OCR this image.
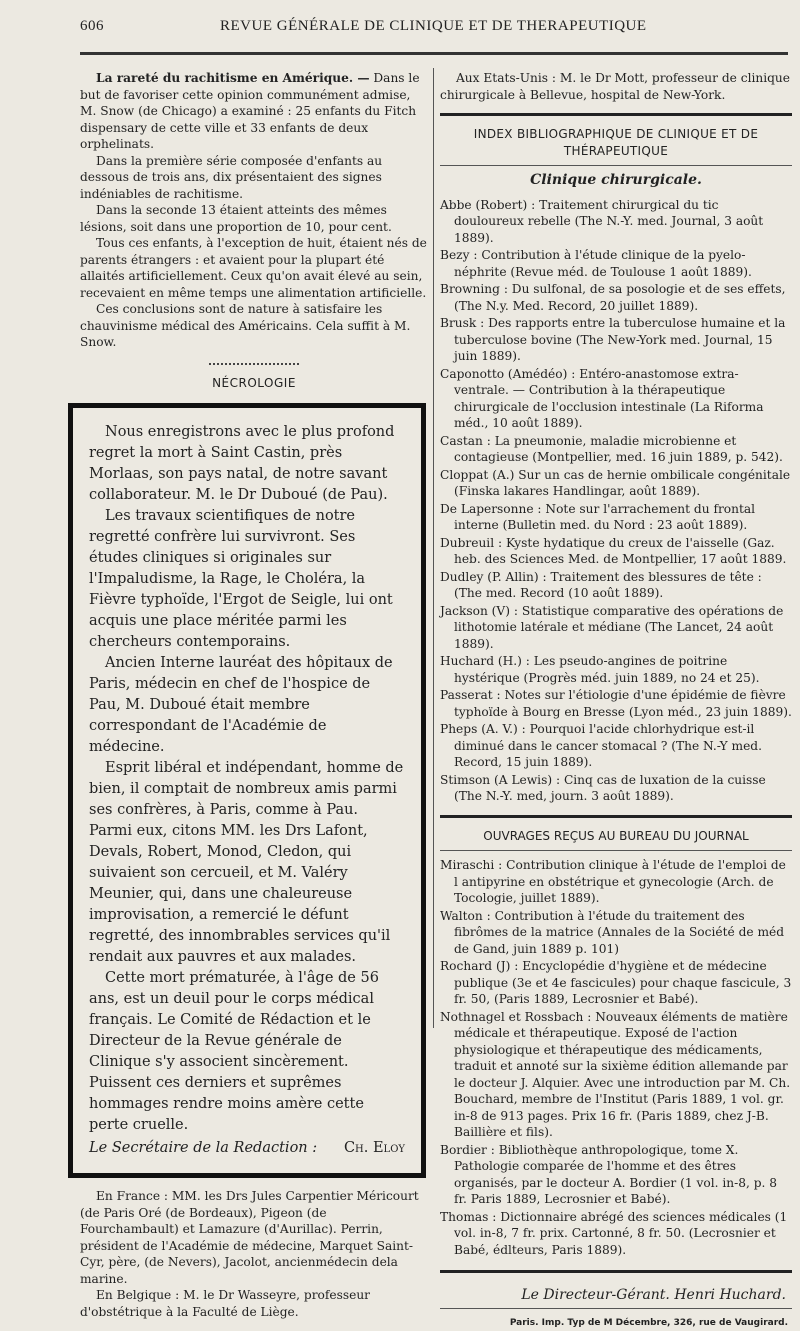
606	REVUE GÉNÉRALE DE CLINIQUE ET DE THERAPEUTIQUE

La rareté du rachitisme en Amérique. — Dans le but de favoriser cette opinion communément admise, M. Snow (de Chicago) a examiné : 25 enfants du Fitch dispensary de cette ville et 33 enfants de deux orphelinats.

Dans la première série composée d'enfants au dessous de trois ans, dix présentaient des signes indéniables de rachitisme.

Dans la seconde 13 étaient atteints des mêmes lésions, soit dans une proportion de 10, pour cent.

Tous ces enfants, à l'exception de huit, étaient nés de parents étrangers : et avaient pour la plupart été allaités artificiellement. Ceux qu'on avait élevé au sein, recevaient en même temps une alimentation artificielle.

Ces conclusions sont de nature à satisfaire les chauvinisme médical des Américains. Cela suffit à M. Snow.

NÉCROLOGIE

Nous enregistrons avec le plus profond regret la mort à Saint Castin, près Morlaas, son pays natal, de notre savant collaborateur. M. le Dr Duboué (de Pau).

Les travaux scientifiques de notre regretté confrère lui survivront. Ses études cliniques si originales sur l'Impaludisme, la Rage, le Choléra, la Fièvre typhoïde, l'Ergot de Seigle, lui ont acquis une place méritée parmi les chercheurs contemporains.

Ancien Interne lauréat des hôpitaux de Paris, médecin en chef de l'hospice de Pau, M. Duboué était membre correspondant de l'Académie de médecine.

Esprit libéral et indépendant, homme de bien, il comptait de nombreux amis parmi ses confrères, à Paris, comme à Pau. Parmi eux, citons MM. les Drs Lafont, Devals, Robert, Monod, Cledon, qui suivaient son cercueil, et M. Valéry Meunier, qui, dans une chaleureuse improvisation, a remercié le défunt regretté, des innombrables services qu'il rendait aux pauvres et aux malades.

Cette mort prématurée, à l'âge de 56 ans, est un deuil pour le corps médical français. Le Comité de Rédaction et le Directeur de la Revue générale de Clinique s'y associent sincèrement. Puissent ces derniers et suprêmes hommages rendre moins amère cette perte cruelle.

Le Secrétaire de la Redaction : Ch. Eloy

En France : MM. les Drs Jules Carpentier Méricourt (de Paris Oré (de Bordeaux), Pigeon (de Fourchambault) et Lamazure (d'Aurillac). Perrin, président de l'Académie de médecine, Marquet Saint-Cyr, père, (de Nevers), Jacolot, ancienmédecin dela marine.

En Belgique : M. le Dr Wasseyre, professeur d'obstétrique à la Faculté de Liège.

Aux Etats-Unis : M. le Dr Mott, professeur de clinique chirurgicale à Bellevue, hospital de New-York.

INDEX BIBLIOGRAPHIQUE DE CLINIQUE ET DE THÉRAPEUTIQUE
Clinique chirurgicale.

Abbe (Robert) : Traitement chirurgical du tic douloureux rebelle (The N.-Y. med. Journal, 3 août 1889).

Bezy : Contribution à l'étude clinique de la pyelo-néphrite (Revue méd. de Toulouse 1 août 1889).

Browning : Du sulfonal, de sa posologie et de ses effets, (The N.y. Med. Record, 20 juillet 1889).

Brusk : Des rapports entre la tuberculose humaine et la tuberculose bovine (The New-York med. Journal, 15 juin 1889).

Caponotto (Amédéo) : Entéro-anastomose extra-ventrale. — Contribution à la thérapeutique chirurgicale de l'occlusion intestinale (La Riforma méd., 10 août 1889).

Castan : La pneumonie, maladie microbienne et contagieuse (Montpellier, med. 16 juin 1889, p. 542).

Cloppat (A.) Sur un cas de hernie ombilicale congénitale (Finska lakares Handlingar, août 1889).

De Lapersonne : Note sur l'arrachement du frontal interne (Bulletin med. du Nord : 23 août 1889).

Dubreuil : Kyste hydatique du creux de l'aisselle (Gaz. heb. des Sciences Med. de Montpellier, 17 août 1889.

Dudley (P. Allin) : Traitement des blessures de tête : (The med. Record (10 août 1889).

Jackson (V) : Statistique comparative des opérations de lithotomie latérale et médiane (The Lancet, 24 août 1889).

Huchard (H.) : Les pseudo-angines de poitrine hystérique (Progrès méd. juin 1889, no 24 et 25).

Passerat : Notes sur l'étiologie d'une épidémie de fièvre typhoïde à Bourg en Bresse (Lyon méd., 23 juin 1889).

Pheps (A. V.) : Pourquoi l'acide chlorhydrique est-il diminué dans le cancer stomacal ? (The N.-Y med. Record, 15 juin 1889).

Stimson (A Lewis) : Cinq cas de luxation de la cuisse (The N.-Y. med, journ. 3 août 1889).

OUVRAGES REÇUS AU BUREAU DU JOURNAL

Miraschi : Contribution clinique à l'étude de l'emploi de l antipyrine en obstétrique et gynecologie (Arch. de Tocologie, juillet 1889).

Walton : Contribution à l'étude du traitement des fibrômes de la matrice (Annales de la Société de méd de Gand, juin 1889 p. 101)

Rochard (J) : Encyclopédie d'hygiène et de médecine publique (3e et 4e fascicules) pour chaque fascicule, 3 fr. 50, (Paris 1889, Lecrosnier et Babé).

Nothnagel et Rossbach : Nouveaux éléments de matière médicale et thérapeutique. Exposé de l'action physiologique et thérapeutique des médicaments, traduit et annoté sur la sixième édition allemande par le docteur J. Alquier. Avec une introduction par M. Ch. Bouchard, membre de l'Institut (Paris 1889, 1 vol. gr. in-8 de 913 pages. Prix 16 fr. (Paris 1889, chez J-B. Baillière et fils).

Bordier : Bibliothèque anthropologique, tome X. Pathologie comparée de l'homme et des êtres organisés, par le docteur A. Bordier (1 vol. in-8, p. 8 fr. Paris 1889, Lecrosnier et Babé).

Thomas : Dictionnaire abrégé des sciences médicales (1 vol. in-8, 7 fr. prix. Cartonné, 8 fr. 50. (Lecrosnier et Babé, édlteurs, Paris 1889).

Le Directeur-Gérant. Henri Huchard.
Paris. Imp. Typ de M Décembre, 326, rue de Vaugirard.
